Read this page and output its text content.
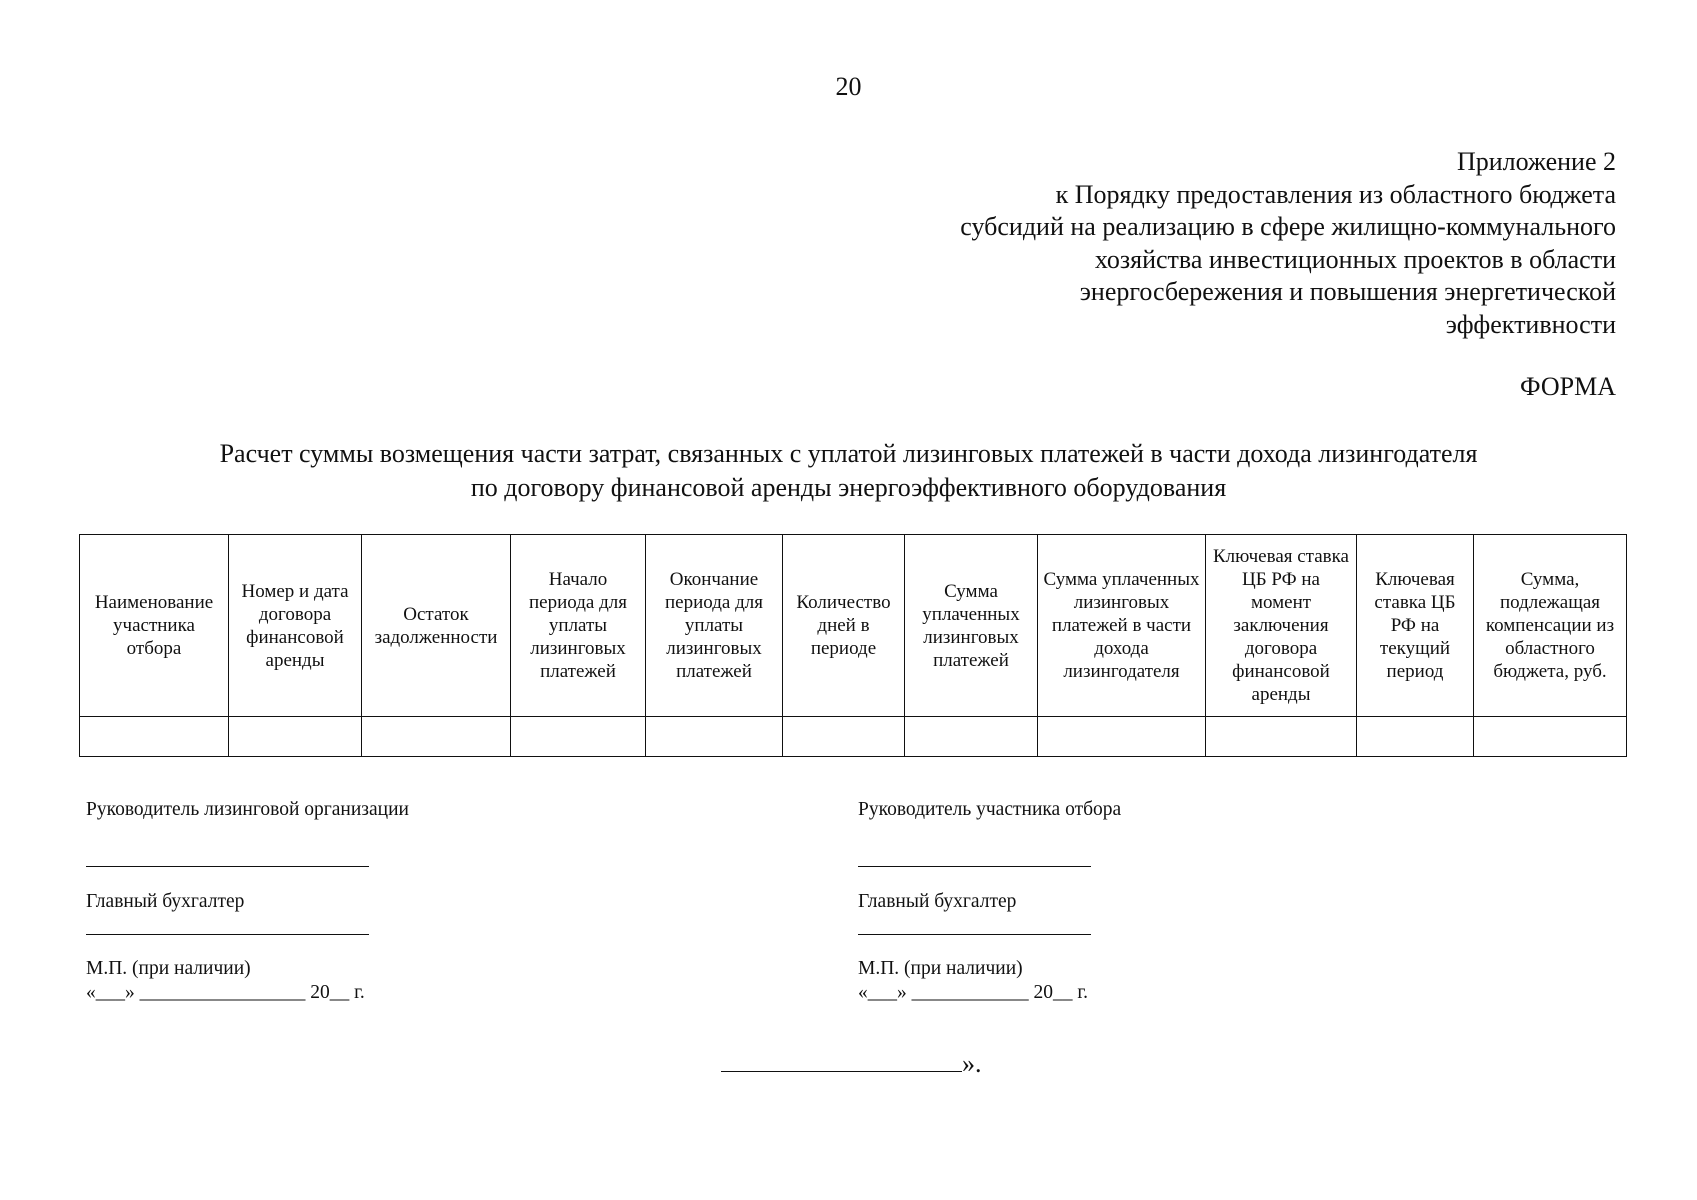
20
Приложение 2
к Порядку предоставления из областного бюджета
субсидий на реализацию в сфере жилищно-коммунального
хозяйства инвестиционных проектов в области
энергосбережения и повышения энергетической
эффективности
ФОРМА
Расчет суммы возмещения части затрат, связанных с уплатой лизинговых платежей в части дохода лизингодателя
по договору финансовой аренды энергоэффективного оборудования
Наименование участника отбора	Номер и дата договора финансовой аренды	Остаток задолженности	Начало периода для уплаты лизинговых платежей	Окончание периода для уплаты лизинговых платежей	Количество дней в периоде	Сумма уплаченных лизинговых платежей	Сумма уплаченных лизинговых платежей в части дохода лизингодателя	Ключевая ставка ЦБ РФ на момент заключения договора финансовой аренды	Ключевая ставка ЦБ РФ на текущий период	Сумма, подлежащая компенсации из областного бюджета, руб.

Руководитель лизинговой организации
Главный бухгалтер
М.П. (при наличии)
«___» _________________ 20__ г.
Руководитель участника отбора
Главный бухгалтер
М.П. (при наличии)
«___» ____________ 20__ г.
».
